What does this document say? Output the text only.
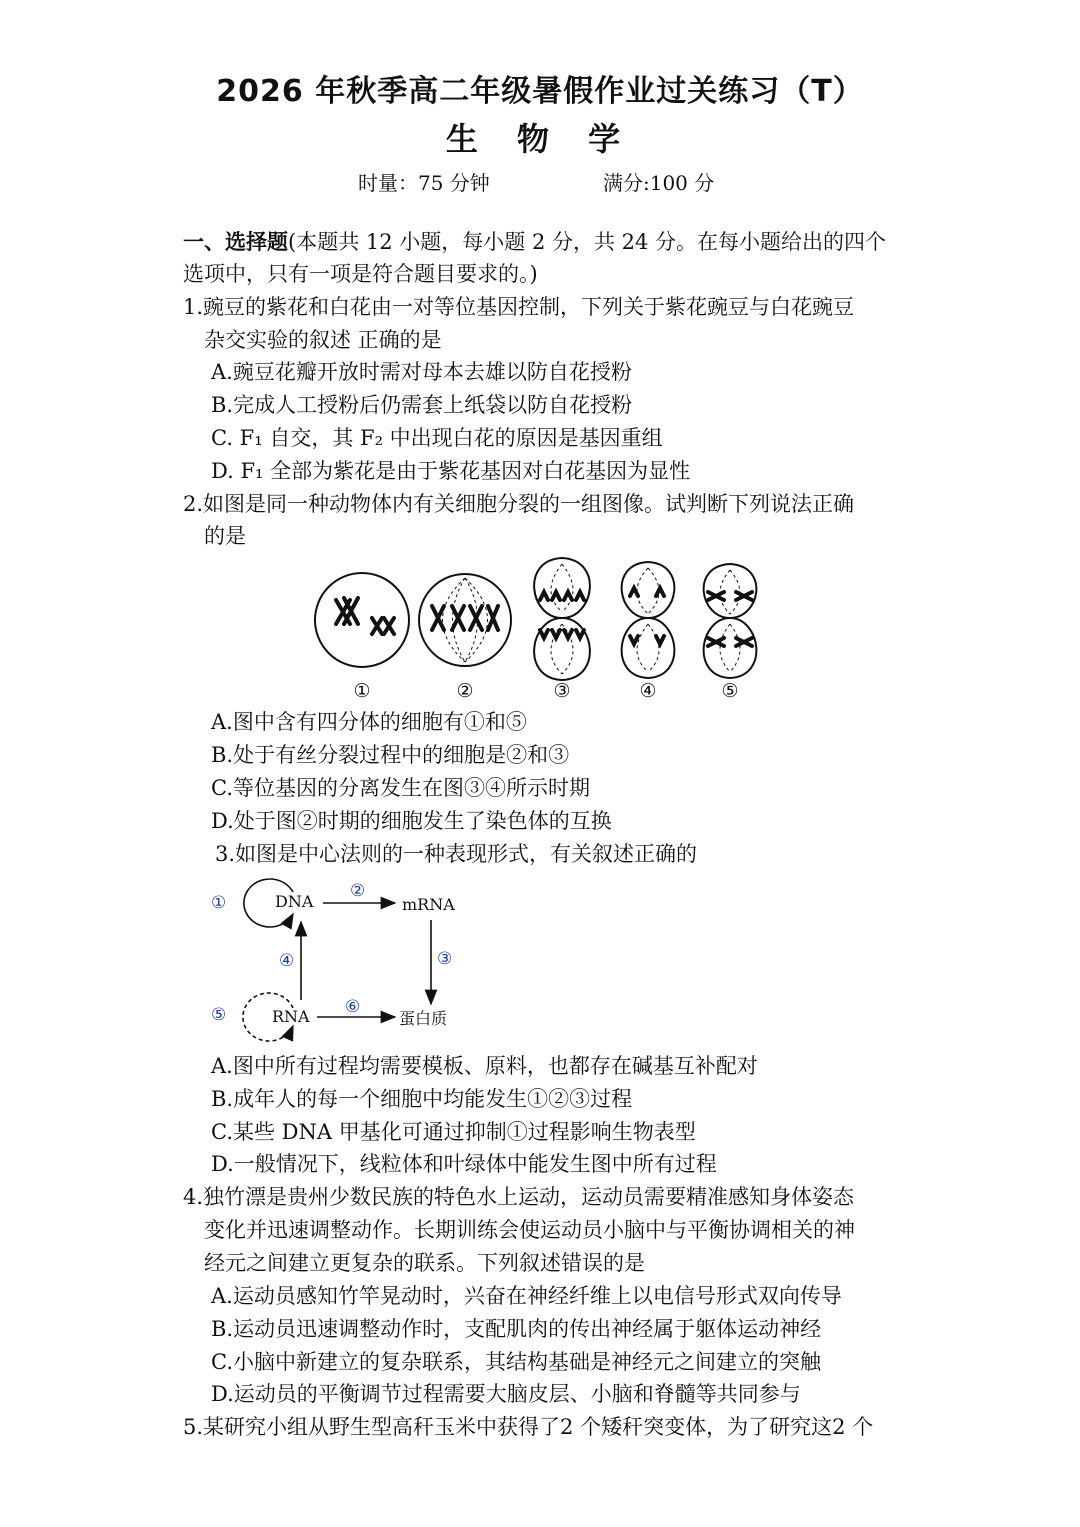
2026 年秋季高二年级暑假作业过关练习（T）
生 物 学
时量：75 分钟	满分:100 分
一、选择题(本题共 12 小题，每小题 2 分，共 24 分。在每小题给出的四个
选项中，只有一项是符合题目要求的。)
1.豌豆的紫花和白花由一对等位基因控制，下列关于紫花豌豆与白花豌豆
杂交实验的叙述 正确的是
A.豌豆花瓣开放时需对母本去雄以防自花授粉
B.完成人工授粉后仍需套上纸袋以防自花授粉
C. F₁ 自交，其 F₂ 中出现白花的原因是基因重组
D. F₁ 全部为紫花是由于紫花基因对白花基因为显性
2.如图是同一种动物体内有关细胞分裂的一组图像。试判断下列说法正确
的是
①	②	③	④	⑤
A.图中含有四分体的细胞有①和⑤
B.处于有丝分裂过程中的细胞是②和③
C.等位基因的分离发生在图③④所示时期
D.处于图②时期的细胞发生了染色体的互换
3.如图是中心法则的一种表现形式，有关叙述正确的
DNA	mRNA
RNA	蛋白质
①
②
③
④
⑤	⑥
A.图中所有过程均需要模板、原料，也都存在碱基互补配对
B.成年人的每一个细胞中均能发生①②③过程
C.某些 DNA 甲基化可通过抑制①过程影响生物表型
D.一般情况下，线粒体和叶绿体中能发生图中所有过程
4.独竹漂是贵州少数民族的特色水上运动，运动员需要精准感知身体姿态
变化并迅速调整动作。长期训练会使运动员小脑中与平衡协调相关的神
经元之间建立更复杂的联系。下列叙述错误的是
A.运动员感知竹竿晃动时，兴奋在神经纤维上以电信号形式双向传导
B.运动员迅速调整动作时，支配肌肉的传出神经属于躯体运动神经
C.小脑中新建立的复杂联系，其结构基础是神经元之间建立的突触
D.运动员的平衡调节过程需要大脑皮层、小脑和脊髓等共同参与
5.某研究小组从野生型高秆玉米中获得了2 个矮秆突变体，为了研究这2 个
